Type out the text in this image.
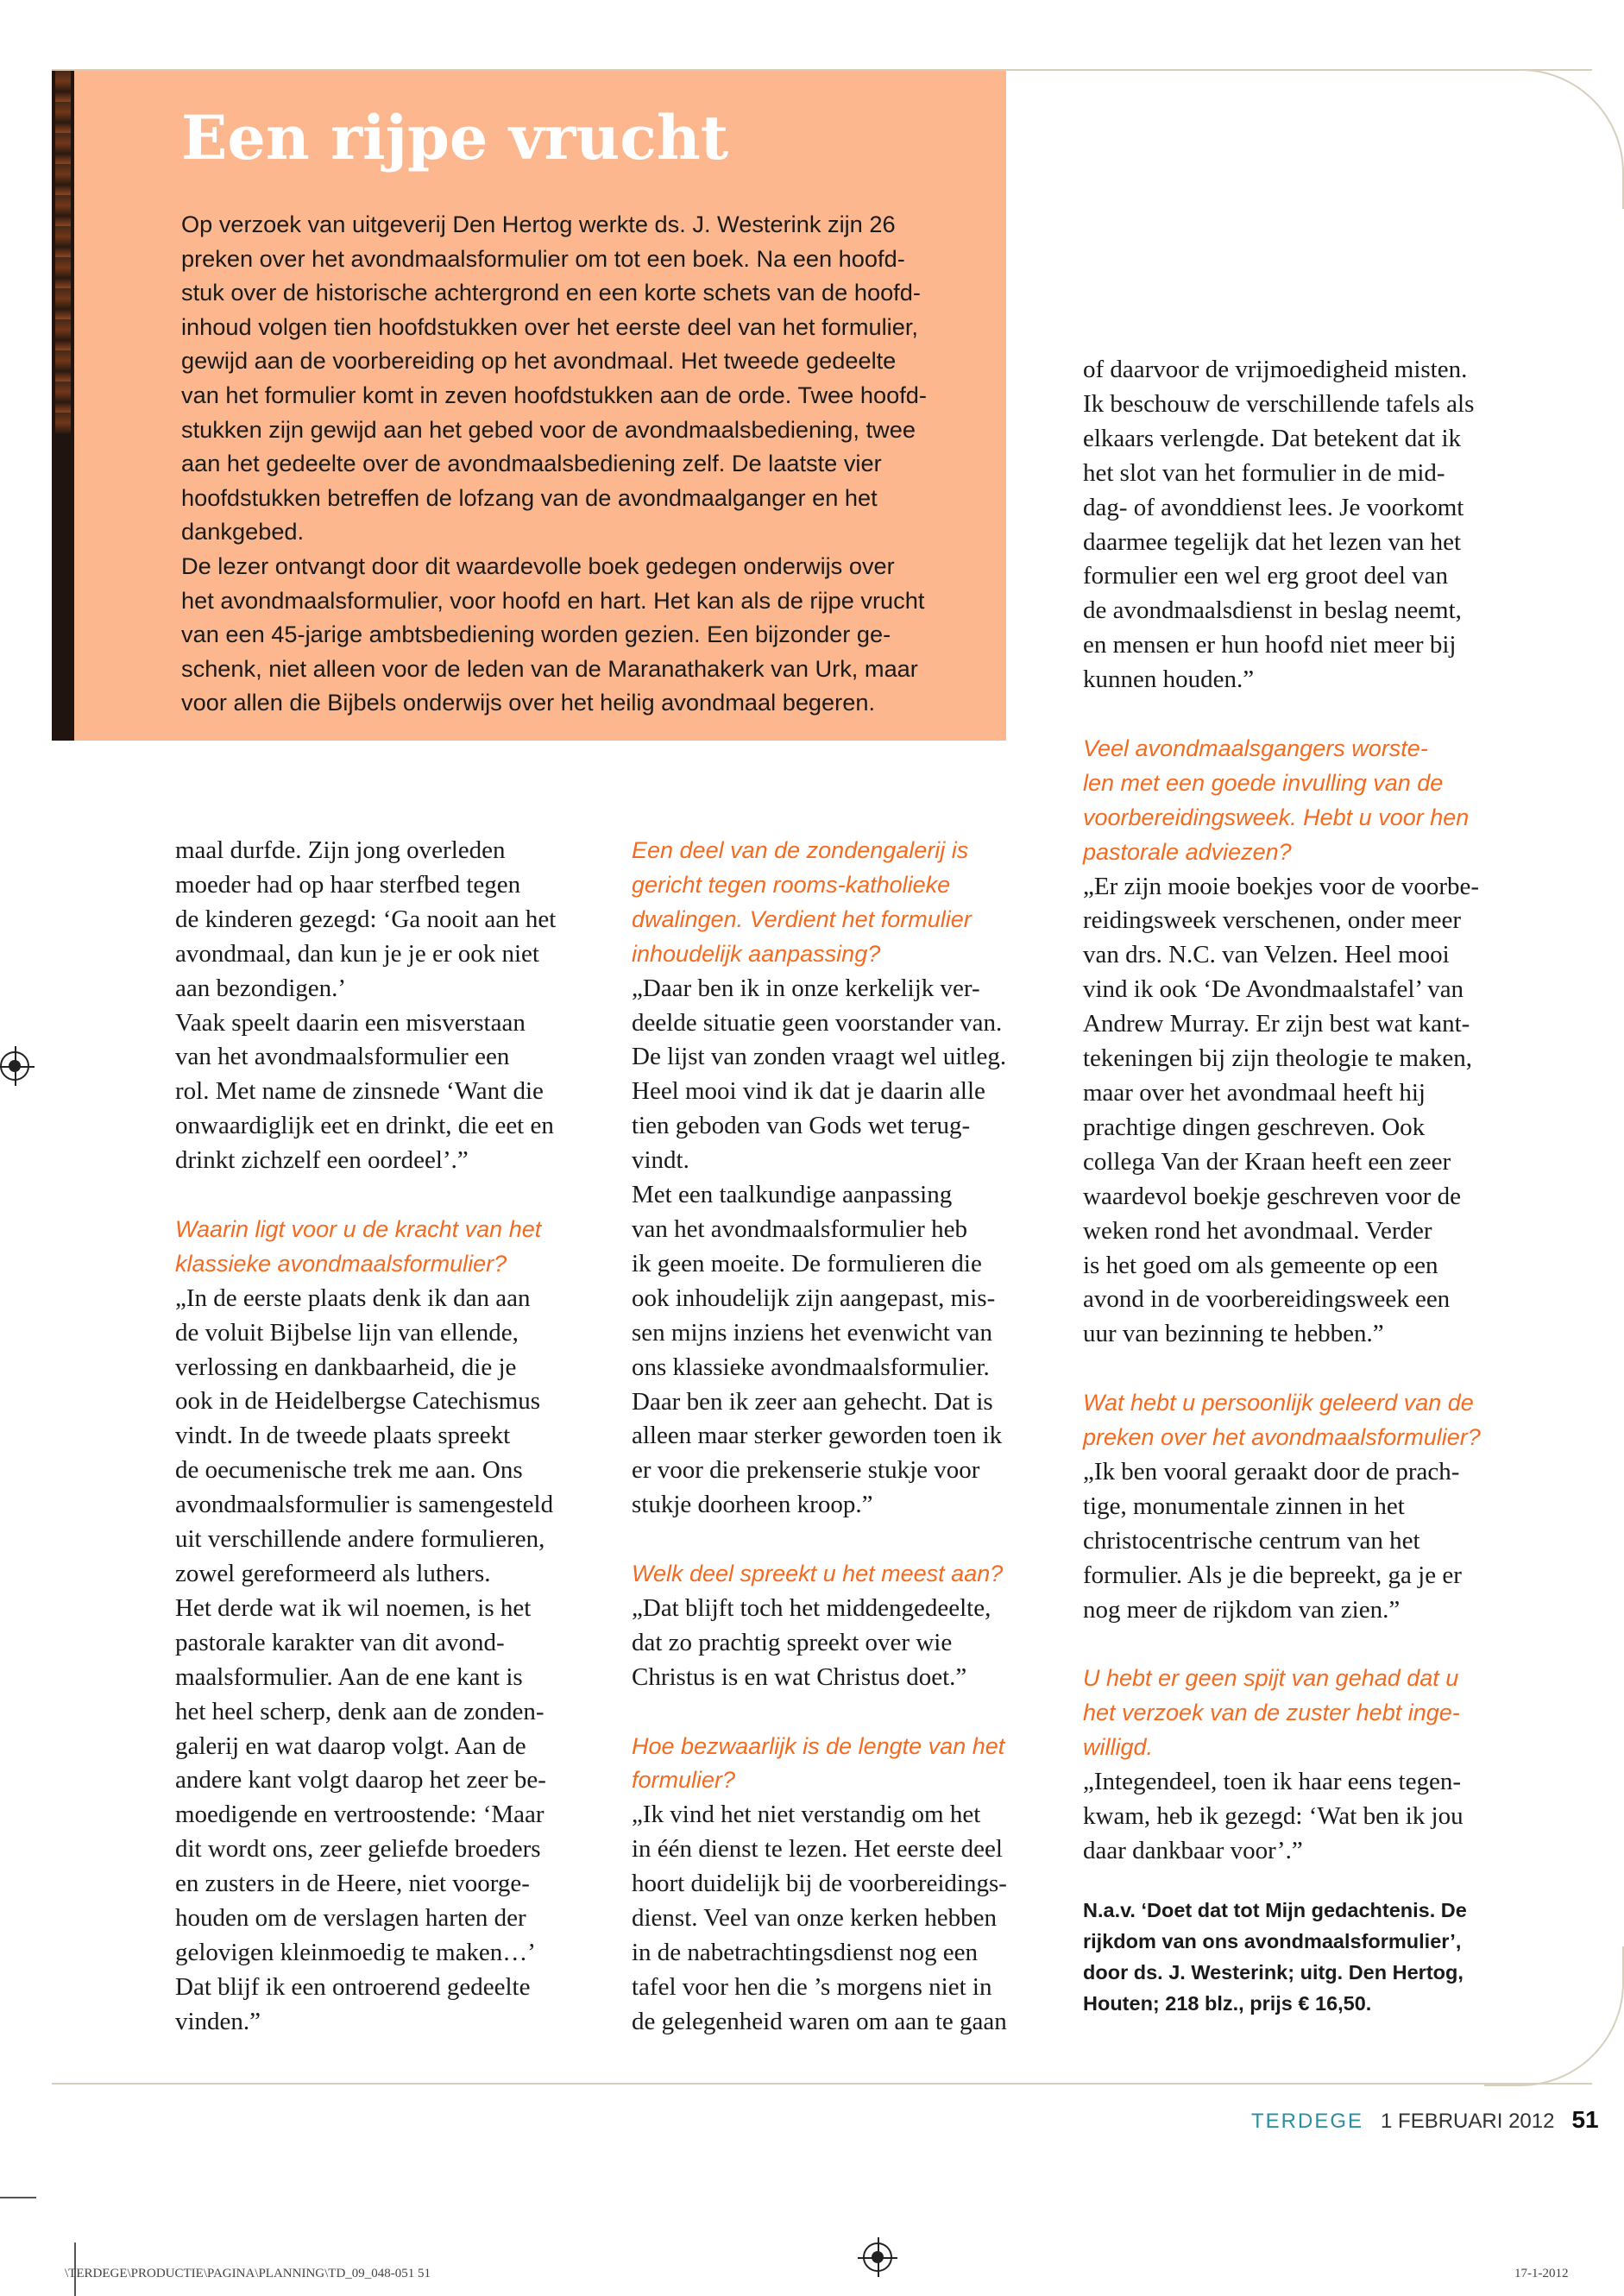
Een rijpe vrucht
Op verzoek van uitgeverij Den Hertog werkte ds. J. Westerink zijn 26
preken over het avondmaalsformulier om tot een boek. Na een hoofd-
stuk over de historische achtergrond en een korte schets van de hoofd-
inhoud volgen tien hoofdstukken over het eerste deel van het formulier,
gewijd aan de voorbereiding op het avondmaal. Het tweede gedeelte
van het formulier komt in zeven hoofdstukken aan de orde. Twee hoofd-
stukken zijn gewijd aan het gebed voor de avondmaalsbediening, twee
aan het gedeelte over de avondmaalsbediening zelf. De laatste vier
hoofdstukken betreffen de lofzang van de avondmaalganger en het
dankgebed.
De lezer ontvangt door dit waardevolle boek gedegen onderwijs over
het avondmaalsformulier, voor hoofd en hart. Het kan als de rijpe vrucht
van een 45-jarige ambtsbediening worden gezien. Een bijzonder ge-
schenk, niet alleen voor de leden van de Maranathakerk van Urk, maar
voor allen die Bijbels onderwijs over het heilig avondmaal begeren.
maal durfde. Zijn jong overleden
moeder had op haar sterfbed tegen
de kinderen gezegd: ‘Ga nooit aan het
avondmaal, dan kun je je er ook niet
aan bezondigen.’
Vaak speelt daarin een misverstaan
van het avondmaalsformulier een
rol. Met name de zinsnede ‘Want die
onwaardiglijk eet en drinkt, die eet en
drinkt zichzelf een oordeel’.”
Waarin ligt voor u de kracht van het
klassieke avondmaalsformulier?
„In de eerste plaats denk ik dan aan
de voluit Bijbelse lijn van ellende,
verlossing en dankbaarheid, die je
ook in de Heidelbergse Catechismus
vindt. In de tweede plaats spreekt
de oecumenische trek me aan. Ons
avondmaalsformulier is samengesteld
uit verschillende andere formulieren,
zowel gereformeerd als luthers.
Het derde wat ik wil noemen, is het
pastorale karakter van dit avond-
maalsformulier. Aan de ene kant is
het heel scherp, denk aan de zonden-
galerij en wat daarop volgt. Aan de
andere kant volgt daarop het zeer be-
moedigende en vertroostende: ‘Maar
dit wordt ons, zeer geliefde broeders
en zusters in de Heere, niet voorge-
houden om de verslagen harten der
gelovigen kleinmoedig te maken…’
Dat blijf ik een ontroerend gedeelte
vinden.”
Een deel van de zondengalerij is
gericht tegen rooms-katholieke
dwalingen. Verdient het formulier
inhoudelijk aanpassing?
„Daar ben ik in onze kerkelijk ver-
deelde situatie geen voorstander van.
De lijst van zonden vraagt wel uitleg.
Heel mooi vind ik dat je daarin alle
tien geboden van Gods wet terug-
vindt.
Met een taalkundige aanpassing
van het avondmaalsformulier heb
ik geen moeite. De formulieren die
ook inhoudelijk zijn aangepast, mis-
sen mijns inziens het evenwicht van
ons klassieke avondmaalsformulier.
Daar ben ik zeer aan gehecht. Dat is
alleen maar sterker geworden toen ik
er voor die prekenserie stukje voor
stukje doorheen kroop.”
Welk deel spreekt u het meest aan?
„Dat blijft toch het middengedeelte,
dat zo prachtig spreekt over wie
Christus is en wat Christus doet.”
Hoe bezwaarlijk is de lengte van het
formulier?
„Ik vind het niet verstandig om het
in één dienst te lezen. Het eerste deel
hoort duidelijk bij de voorbereidings-
dienst. Veel van onze kerken hebben
in de nabetrachtingsdienst nog een
tafel voor hen die ’s morgens niet in
de gelegenheid waren om aan te gaan
of daarvoor de vrijmoedigheid misten.
Ik beschouw de verschillende tafels als
elkaars verlengde. Dat betekent dat ik
het slot van het formulier in de mid-
dag- of avonddienst lees. Je voorkomt
daarmee tegelijk dat het lezen van het
formulier een wel erg groot deel van
de avondmaalsdienst in beslag neemt,
en mensen er hun hoofd niet meer bij
kunnen houden.”
Veel avondmaalsgangers worste-
len met een goede invulling van de
voorbereidingsweek. Hebt u voor hen
pastorale adviezen?
„Er zijn mooie boekjes voor de voorbe-
reidingsweek verschenen, onder meer
van drs. N.C. van Velzen. Heel mooi
vind ik ook ‘De Avondmaalstafel’ van
Andrew Murray. Er zijn best wat kant-
tekeningen bij zijn theologie te maken,
maar over het avondmaal heeft hij
prachtige dingen geschreven. Ook
collega Van der Kraan heeft een zeer
waardevol boekje geschreven voor de
weken rond het avondmaal. Verder
is het goed om als gemeente op een
avond in de voorbereidingsweek een
uur van bezinning te hebben.”
Wat hebt u persoonlijk geleerd van de
preken over het avondmaalsformulier?
„Ik ben vooral geraakt door de prach-
tige, monumentale zinnen in het
christocentrische centrum van het
formulier. Als je die bepreekt, ga je er
nog meer de rijkdom van zien.”
U hebt er geen spijt van gehad dat u
het verzoek van de zuster hebt inge-
willigd.
„Integendeel, toen ik haar eens tegen-
kwam, heb ik gezegd: ‘Wat ben ik jou
daar dankbaar voor’.”
N.a.v. ‘Doet dat tot Mijn gedachtenis. De
rijkdom van ons avondmaalsformulier’,
door ds. J. Westerink; uitg. Den Hertog,
Houten; 218 blz., prijs € 16,50.
TERDEGE 1 FEBRUARI 2012 51
\TERDEGE\PRODUCTIE\PAGINA\PLANNING\TD_09_048-051 51	17-1-2012
